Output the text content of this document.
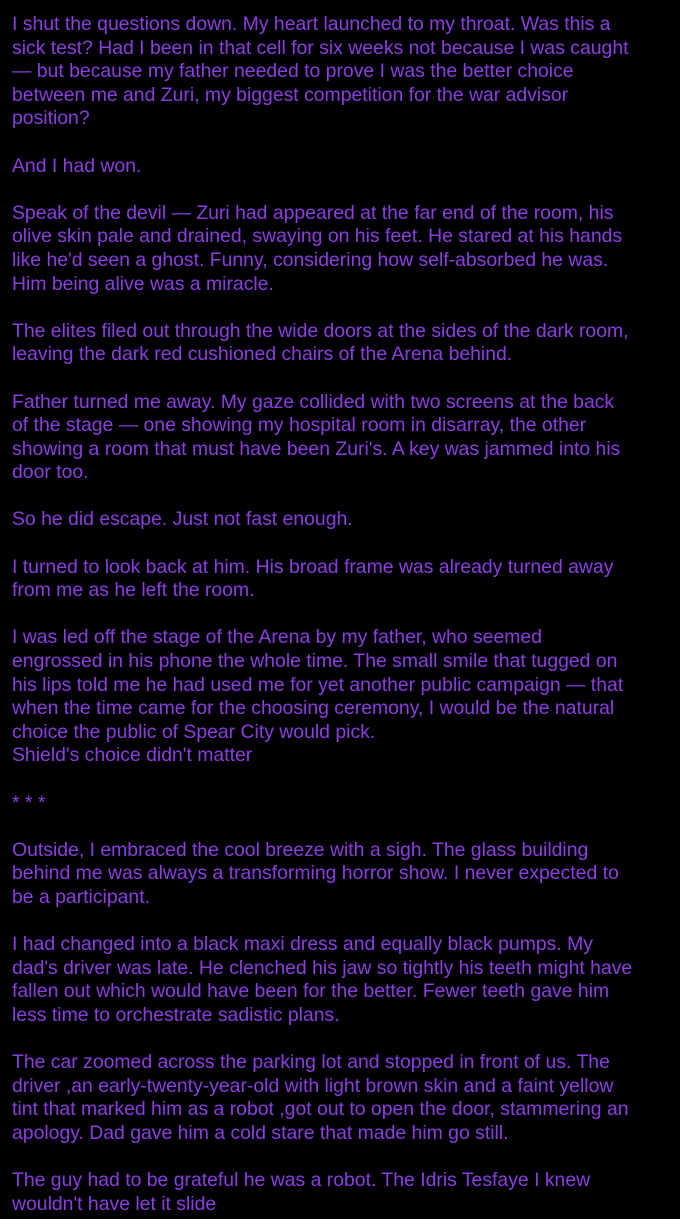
I shut the questions down. My heart launched to my throat. Was this a
sick test? Had I been in that cell for six weeks not because I was caught
— but because my father needed to prove I was the better choice
between me and Zuri, my biggest competition for the war advisor
position?

And I had won.

Speak of the devil — Zuri had appeared at the far end of the room, his
olive skin pale and drained, swaying on his feet. He stared at his hands
like he'd seen a ghost. Funny, considering how self-absorbed he was.
Him being alive was a miracle.

The elites filed out through the wide doors at the sides of the dark room,
leaving the dark red cushioned chairs of the Arena behind.

Father turned me away. My gaze collided with two screens at the back
of the stage — one showing my hospital room in disarray, the other
showing a room that must have been Zuri's. A key was jammed into his
door too.

So he did escape. Just not fast enough.

I turned to look back at him. His broad frame was already turned away
from me as he left the room.

I was led off the stage of the Arena by my father, who seemed
engrossed in his phone the whole time. The small smile that tugged on
his lips told me he had used me for yet another public campaign — that
when the time came for the choosing ceremony, I would be the natural
choice the public of Spear City would pick.
Shield's choice didn't matter

* * *

Outside, I embraced the cool breeze with a sigh. The glass building
behind me was always a transforming horror show. I never expected to
be a participant.

I had changed into a black maxi dress and equally black pumps. My
dad's driver was late. He clenched his jaw so tightly his teeth might have
fallen out which would have been for the better. Fewer teeth gave him
less time to orchestrate sadistic plans.

The car zoomed across the parking lot and stopped in front of us. The
driver ,an early-twenty-year-old with light brown skin and a faint yellow
tint that marked him as a robot ,got out to open the door, stammering an
apology. Dad gave him a cold stare that made him go still.

The guy had to be grateful he was a robot. The Idris Tesfaye I knew
wouldn't have let it slide
